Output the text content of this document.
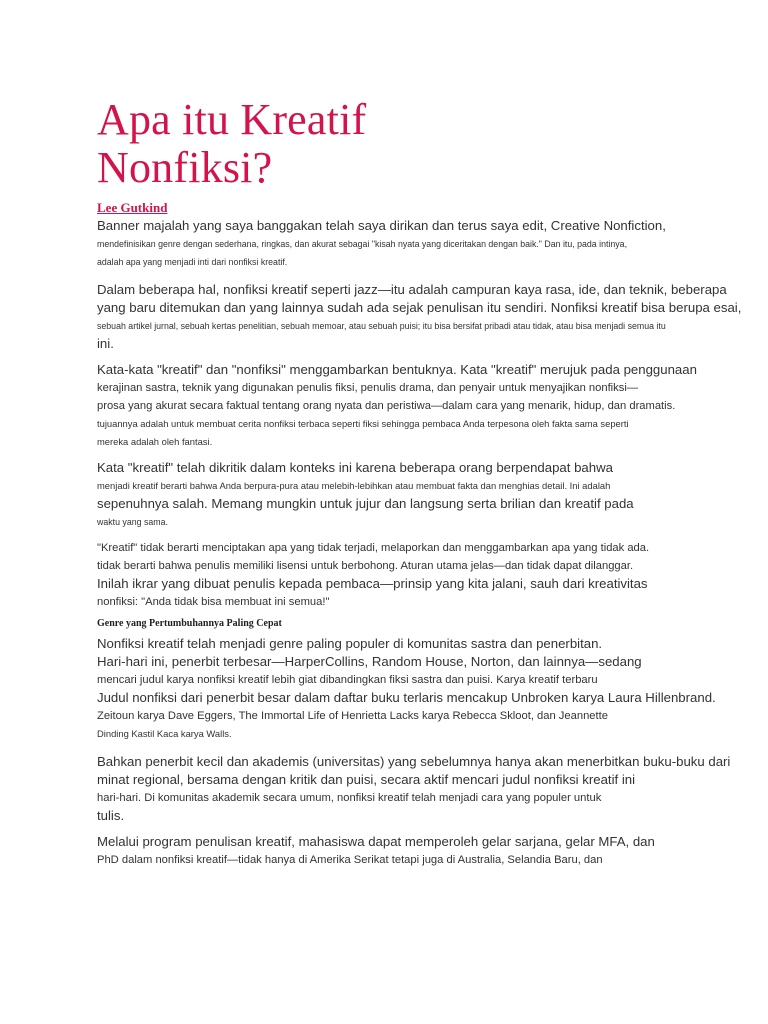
Apa itu Kreatif
Nonfiksi?
Lee Gutkind
Banner majalah yang saya banggakan telah saya dirikan dan terus saya edit, Creative Nonfiction,
mendefinisikan genre dengan sederhana, ringkas, dan akurat sebagai "kisah nyata yang diceritakan dengan baik." Dan itu, pada intinya,
adalah apa yang menjadi inti dari nonfiksi kreatif.
Dalam beberapa hal, nonfiksi kreatif seperti jazz—itu adalah campuran kaya rasa, ide, dan teknik, beberapa
yang baru ditemukan dan yang lainnya sudah ada sejak penulisan itu sendiri. Nonfiksi kreatif bisa berupa esai,
sebuah artikel jurnal, sebuah kertas penelitian, sebuah memoar, atau sebuah puisi; itu bisa bersifat pribadi atau tidak, atau bisa menjadi semua itu
ini.
Kata-kata "kreatif" dan "nonfiksi" menggambarkan bentuknya. Kata "kreatif" merujuk pada penggunaan
kerajinan sastra, teknik yang digunakan penulis fiksi, penulis drama, dan penyair untuk menyajikan nonfiksi—
prosa yang akurat secara faktual tentang orang nyata dan peristiwa—dalam cara yang menarik, hidup, dan dramatis.
tujuannya adalah untuk membuat cerita nonfiksi terbaca seperti fiksi sehingga pembaca Anda terpesona oleh fakta sama seperti
mereka adalah oleh fantasi.
Kata "kreatif" telah dikritik dalam konteks ini karena beberapa orang berpendapat bahwa
menjadi kreatif berarti bahwa Anda berpura-pura atau melebih-lebihkan atau membuat fakta dan menghias detail. Ini adalah
sepenuhnya salah. Memang mungkin untuk jujur dan langsung serta brilian dan kreatif pada
waktu yang sama.
"Kreatif" tidak berarti menciptakan apa yang tidak terjadi, melaporkan dan menggambarkan apa yang tidak ada.
tidak berarti bahwa penulis memiliki lisensi untuk berbohong. Aturan utama jelas—dan tidak dapat dilanggar.
Inilah ikrar yang dibuat penulis kepada pembaca—prinsip yang kita jalani, sauh dari kreativitas
nonfiksi: "Anda tidak bisa membuat ini semua!"

Genre yang Pertumbuhannya Paling Cepat

Nonfiksi kreatif telah menjadi genre paling populer di komunitas sastra dan penerbitan.
Hari-hari ini, penerbit terbesar—HarperCollins, Random House, Norton, dan lainnya—sedang
mencari judul karya nonfiksi kreatif lebih giat dibandingkan fiksi sastra dan puisi. Karya kreatif terbaru
Judul nonfiksi dari penerbit besar dalam daftar buku terlaris mencakup Unbroken karya Laura Hillenbrand.
Zeitoun karya Dave Eggers, The Immortal Life of Henrietta Lacks karya Rebecca Skloot, dan Jeannette
Dinding Kastil Kaca karya Walls.
Bahkan penerbit kecil dan akademis (universitas) yang sebelumnya hanya akan menerbitkan buku-buku dari
minat regional, bersama dengan kritik dan puisi, secara aktif mencari judul nonfiksi kreatif ini
hari-hari. Di komunitas akademik secara umum, nonfiksi kreatif telah menjadi cara yang populer untuk
tulis.
Melalui program penulisan kreatif, mahasiswa dapat memperoleh gelar sarjana, gelar MFA, dan
PhD dalam nonfiksi kreatif—tidak hanya di Amerika Serikat tetapi juga di Australia, Selandia Baru, dan
